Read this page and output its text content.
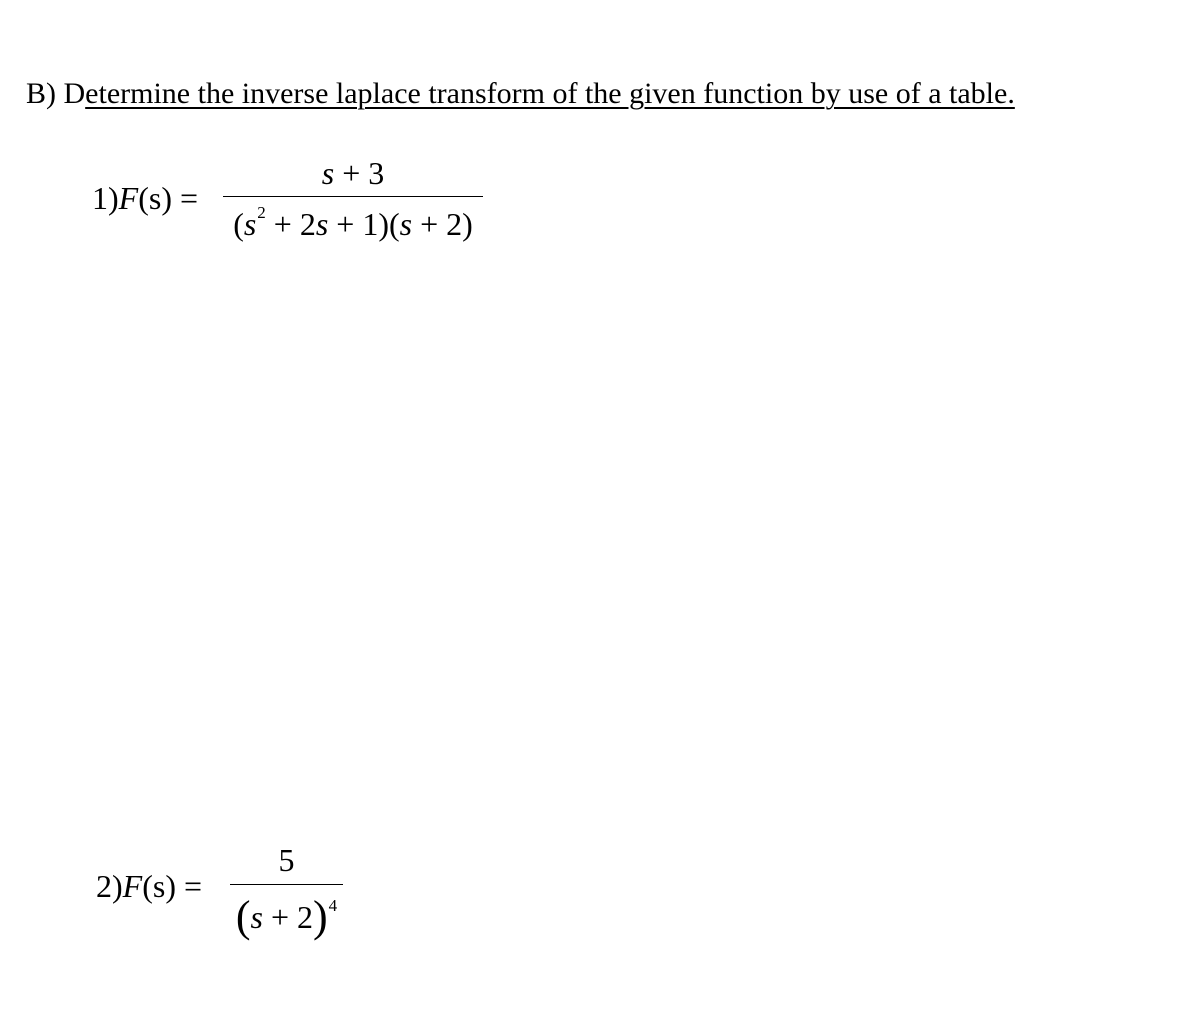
B) Determine the inverse laplace transform of the given function by use of a table.
1)F(s) =
s + 3
$(s^2 + 2s + 1)(s + 2)$
2)F(s) =
5
$(s + 2)^4$
